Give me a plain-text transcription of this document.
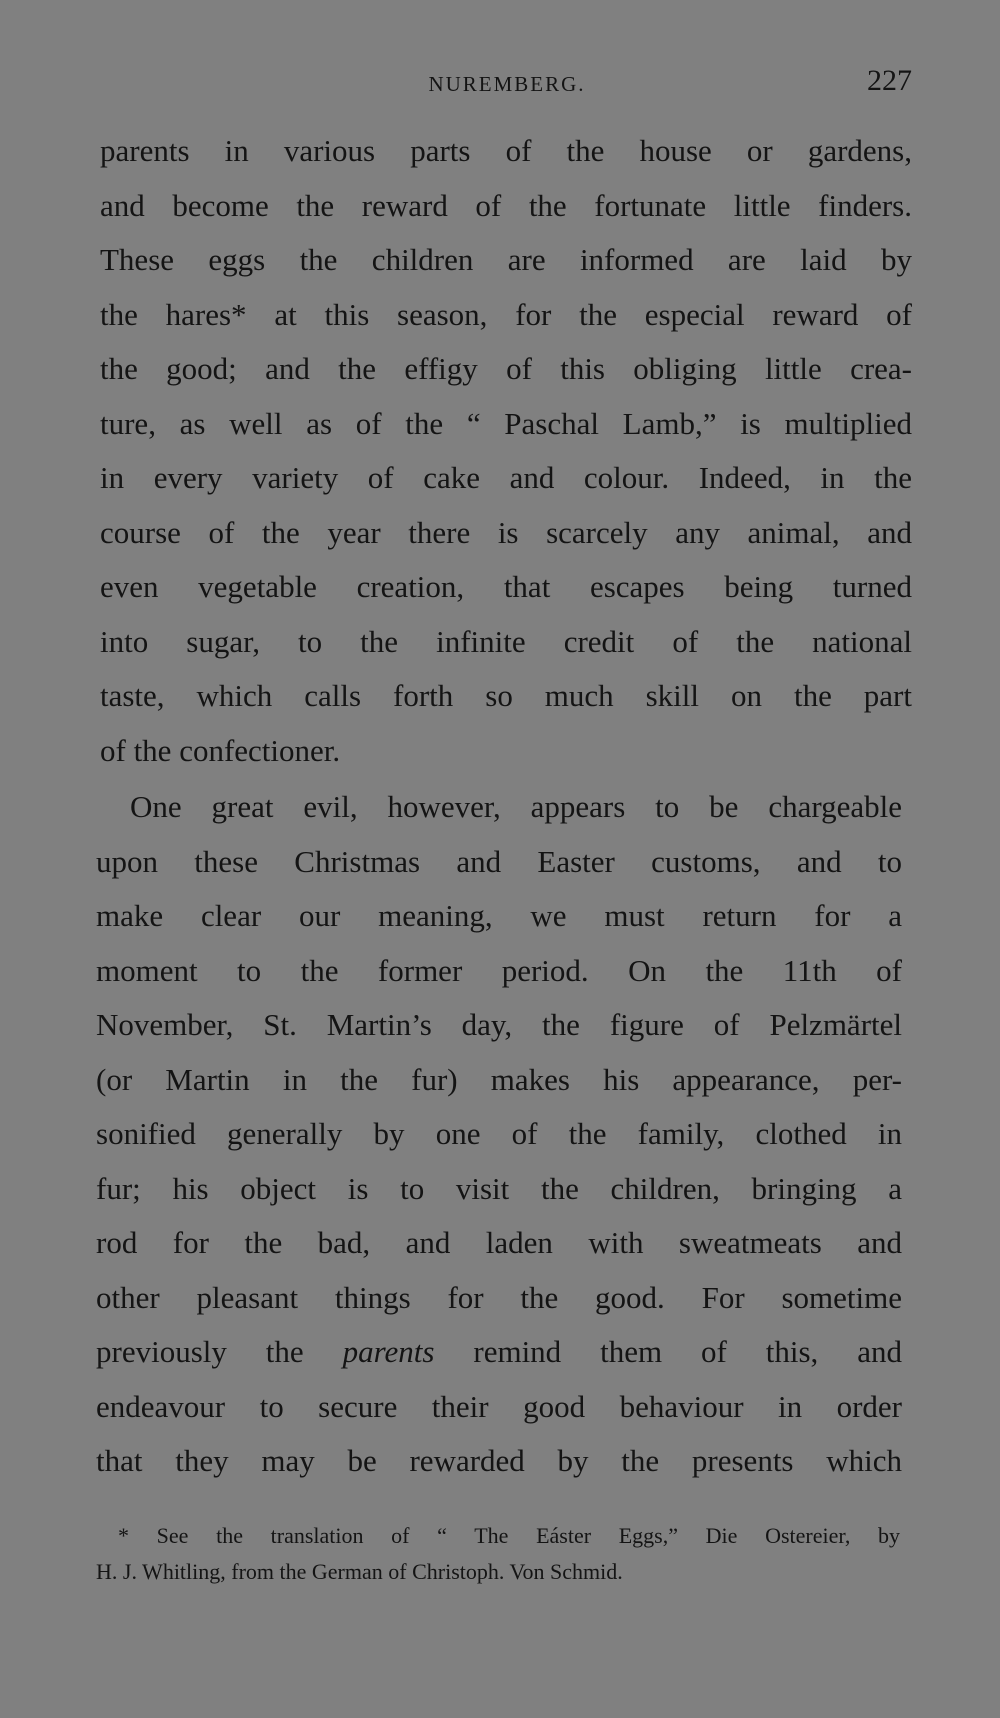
NUREMBERG.	227
parents in various parts of the house or gardens,
and become the reward of the fortunate little finders.
These eggs the children are informed are laid by
the hares* at this season, for the especial reward of
the good; and the effigy of this obliging little crea-
ture, as well as of the “ Paschal Lamb,” is multiplied
in every variety of cake and colour. Indeed, in the
course of the year there is scarcely any animal, and
even vegetable creation, that escapes being turned
into sugar, to the infinite credit of the national
taste, which calls forth so much skill on the part
of the confectioner.
One great evil, however, appears to be chargeable
upon these Christmas and Easter customs, and to
make clear our meaning, we must return for a
moment to the former period. On the 11th of
November, St. Martin’s day, the figure of Pelzmärtel
(or Martin in the fur) makes his appearance, per-
sonified generally by one of the family, clothed in
fur; his object is to visit the children, bringing a
rod for the bad, and laden with sweatmeats and
other pleasant things for the good. For sometime
previously the parents remind them of this, and
endeavour to secure their good behaviour in order
that they may be rewarded by the presents which
* See the translation of “ The Eáster Eggs,” Die Ostereier, by
H. J. Whitling, from the German of Christoph. Von Schmid.
